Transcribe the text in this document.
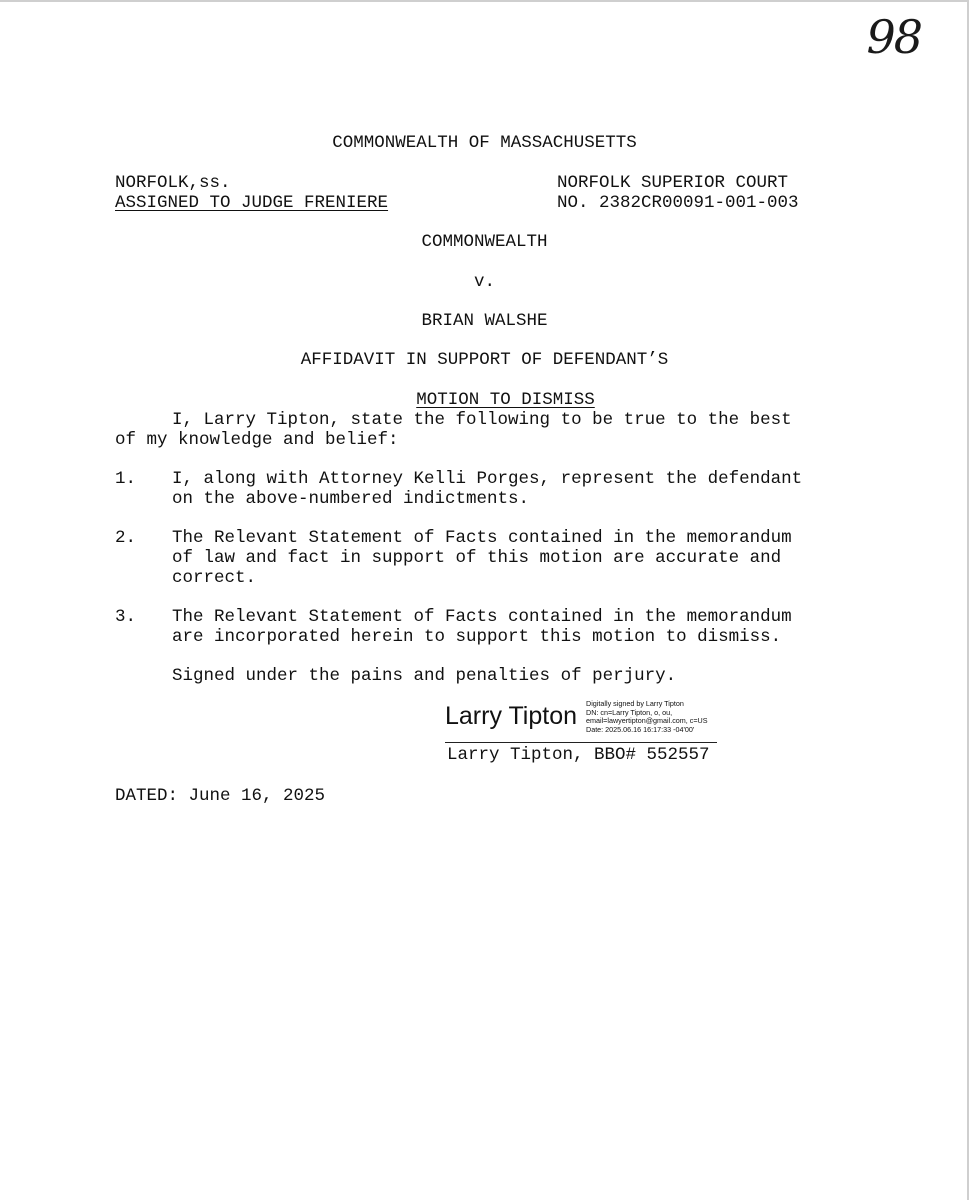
98
COMMONWEALTH OF MASSACHUSETTS
NORFOLK,ss.
ASSIGNED TO JUDGE FRENIERE
NORFOLK SUPERIOR COURT
NO. 2382CR00091-001-003
COMMONWEALTH
v.
BRIAN WALSHE
AFFIDAVIT IN SUPPORT OF DEFENDANT’S

MOTION TO DISMISS

I, Larry Tipton, state the following to be true to the best
of my knowledge and belief:
1. I, along with Attorney Kelli Porges, represent the defendant
on the above-numbered indictments.
2. The Relevant Statement of Facts contained in the memorandum
of law and fact in support of this motion are accurate and
correct.
3. The Relevant Statement of Facts contained in the memorandum
are incorporated herein to support this motion to dismiss.
Signed under the pains and penalties of perjury.
Larry Tipton Digitally signed by Larry Tipton
DN: cn=Larry Tipton, o, ou,
email=lawyertipton@gmail.com, c=US
Date: 2025.06.16 16:17:33 -04'00'
Larry Tipton, BBO# 552557
DATED: June 16, 2025
